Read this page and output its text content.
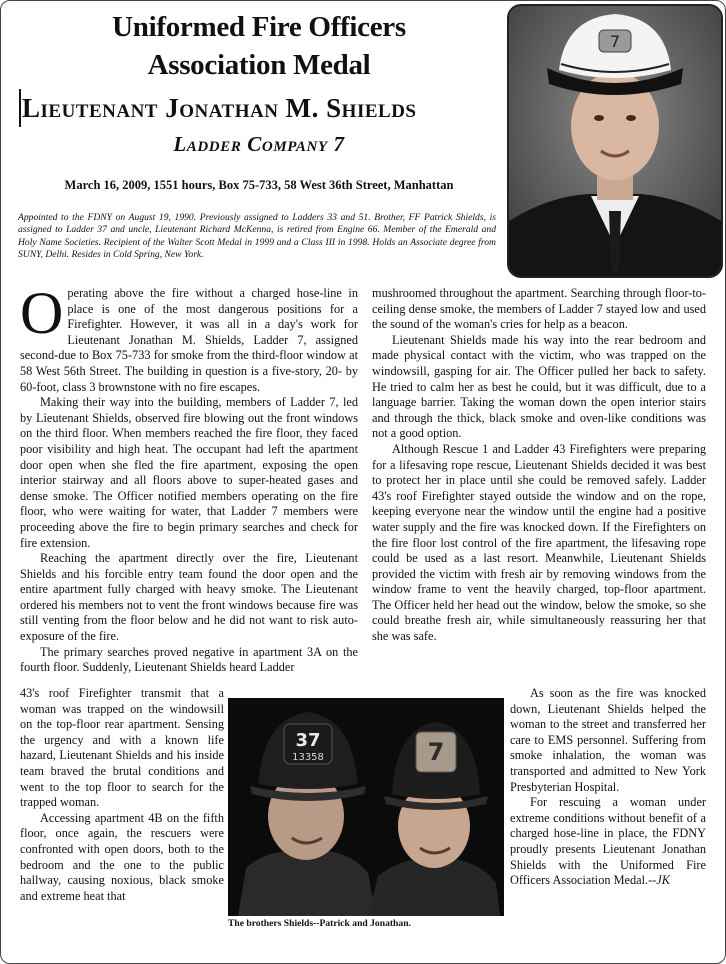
Uniformed Fire Officers
Association Medal
Lieutenant Jonathan M. Shields
Ladder Company 7
March 16, 2009, 1551 hours, Box 75-733, 58 West 36th Street, Manhattan
Appointed to the FDNY on August 19, 1990. Previously assigned to Ladders 33 and 51. Brother, FF Patrick Shields, is assigned to Ladder 37 and uncle, Lieutenant Richard McKenna, is retired from Engine 66. Member of the Emerald and Holy Name Societies. Recipient of the Walter Scott Medal in 1999 and a Class III in 1998. Holds an Associate degree from SUNY, Delhi. Resides in Cold Spring, New York.
7

Operating above the fire without a charged hose-line in place is one of the most dangerous positions for a Firefighter. However, it was all in a day's work for Lieutenant Jonathan M. Shields, Ladder 7, assigned second-due to Box 75-733 for smoke from the third-floor window at 58 West 56th Street. The building in question is a five-story, 20- by 60-foot, class 3 brownstone with no fire escapes.

Making their way into the building, members of Ladder 7, led by Lieutenant Shields, observed fire blowing out the front windows on the third floor. When members reached the fire floor, they faced poor visibility and high heat. The occupant had left the apartment door open when she fled the fire apartment, exposing the open interior stairway and all floors above to super-heated gases and dense smoke. The Officer notified members operating on the fire floor, who were waiting for water, that Ladder 7 members were proceeding above the fire to begin primary searches and check for fire extension.

Reaching the apartment directly over the fire, Lieutenant Shields and his forcible entry team found the door open and the entire apartment fully charged with heavy smoke. The Lieutenant ordered his members not to vent the front windows because fire was still venting from the floor below and he did not want to risk auto-exposure of the fire.

The primary searches proved negative in apartment 3A on the fourth floor. Suddenly, Lieutenant Shields heard Ladder

43's roof Firefighter transmit that a woman was trapped on the windowsill on the top-floor rear apartment. Sensing the urgency and with a known life hazard, Lieutenant Shields and his inside team braved the brutal conditions and went to the top floor to search for the trapped woman.

Accessing apartment 4B on the fifth floor, once again, the rescuers were confronted with open doors, both to the bedroom and the one to the public hallway, causing noxious, black smoke and extreme heat that

mushroomed throughout the apartment. Searching through floor-to-ceiling dense smoke, the members of Ladder 7 stayed low and used the sound of the woman's cries for help as a beacon.

Lieutenant Shields made his way into the rear bedroom and made physical contact with the victim, who was trapped on the windowsill, gasping for air. The Officer pulled her back to safety. He tried to calm her as best he could, but it was difficult, due to a language barrier. Taking the woman down the open interior stairs and through the thick, black smoke and oven-like conditions was not a good option.

Although Rescue 1 and Ladder 43 Firefighters were preparing for a lifesaving rope rescue, Lieutenant Shields decided it was best to protect her in place until she could be removed safely. Ladder 43's roof Firefighter stayed outside the window and on the rope, keeping everyone near the window until the engine had a positive water supply and the fire was knocked down. If the Firefighters on the fire floor lost control of the fire apartment, the lifesaving rope could be used as a last resort. Meanwhile, Lieutenant Shields provided the victim with fresh air by removing windows from the window frame to vent the heavily charged, top-floor apartment. The Officer held her head out the window, below the smoke, so she could breathe fresh air, while simultaneously reassuring her that she was safe.

As soon as the fire was knocked down, Lieutenant Shields helped the woman to the street and transferred her care to EMS personnel. Suffering from smoke inhalation, the woman was transported and admitted to New York Presbyterian Hospital.

For rescuing a woman under extreme conditions without benefit of a charged hose-line in place, the FDNY proudly presents Lieutenant Jonathan Shields with the Uniformed Fire Officers Association Medal.--JK

37
13358	7
The brothers Shields--Patrick and Jonathan.
